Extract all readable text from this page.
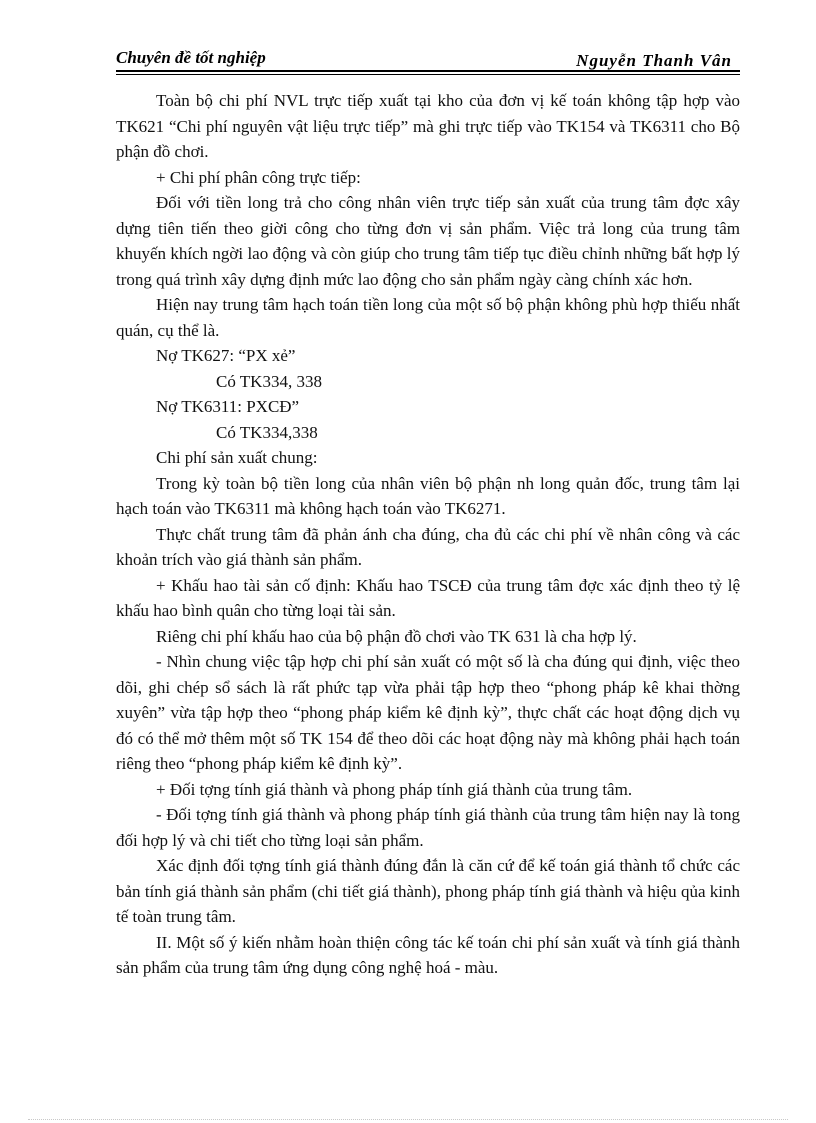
Chuyên đề tốt nghiệp	Nguyễn Thanh Vân

Toàn bộ chi phí NVL trực tiếp xuất tại kho của đơn vị kế toán không tập hợp vào TK621 “Chi phí nguyên vật liệu trực tiếp” mà ghi trực tiếp vào TK154 và TK6311 cho Bộ phận đồ chơi.

+ Chi phí phân công trực tiếp:

Đối với tiền long trả cho công nhân viên trực tiếp sản xuất của trung tâm đợc xây dựng tiên tiến theo giời công cho từng đơn vị sản phẩm. Việc trả long của trung tâm khuyến khích ngời lao động và còn giúp cho trung tâm tiếp tục điều chỉnh những bất hợp lý trong quá trình xây dựng định mức lao động cho sản phẩm ngày càng chính xác hơn.

Hiện nay trung tâm hạch toán tiền long của một số bộ phận không phù hợp thiếu nhất quán, cụ thể là.

Nợ TK627: “PX xẻ”

Có TK334, 338

Nợ TK6311: PXCĐ”

Có TK334,338

Chi phí sản xuất chung:

Trong kỳ toàn bộ tiền long của nhân viên bộ phận nh long quản đốc, trung tâm lại hạch toán vào TK6311 mà không hạch toán vào TK6271.

Thực chất trung tâm đã phản ánh cha đúng, cha đủ các chi phí về nhân công và các khoản trích vào giá thành sản phẩm.

+ Khấu hao tài sản cố định: Khấu hao TSCĐ của trung tâm đợc xác định theo tỷ lệ khấu hao bình quân cho từng loại tài sản.

Riêng chi phí khấu hao của bộ phận đồ chơi vào TK 631 là cha hợp lý.

- Nhìn chung việc tập hợp chi phí sản xuất có một số là cha đúng qui định, việc theo dõi, ghi chép sổ sách là rất phức tạp vừa phải tập hợp theo “phong pháp kê khai thờng xuyên” vừa tập hợp theo “phong pháp kiểm kê định kỳ”, thực chất các hoạt động dịch vụ đó có thể mở thêm một số TK 154 để theo dõi các hoạt động này mà không phải hạch toán riêng theo “phong pháp kiểm kê định kỳ”.

+ Đối tợng tính giá thành và phong pháp tính giá thành của trung tâm.

- Đối tợng tính giá thành và phong pháp tính giá thành của trung tâm hiện nay là tong đối hợp lý và chi tiết cho từng loại sản phẩm.

Xác định đối tợng tính giá thành đúng đắn là căn cứ để kế toán giá thành tổ chức các bản tính giá thành sản phẩm (chi tiết giá thành), phong pháp tính giá thành và hiệu qủa kinh tế toàn trung tâm.

II. Một số ý kiến nhằm hoàn thiện công tác kế toán chi phí sản xuất và tính giá thành sản phẩm của trung tâm ứng dụng công nghệ hoá - màu.
